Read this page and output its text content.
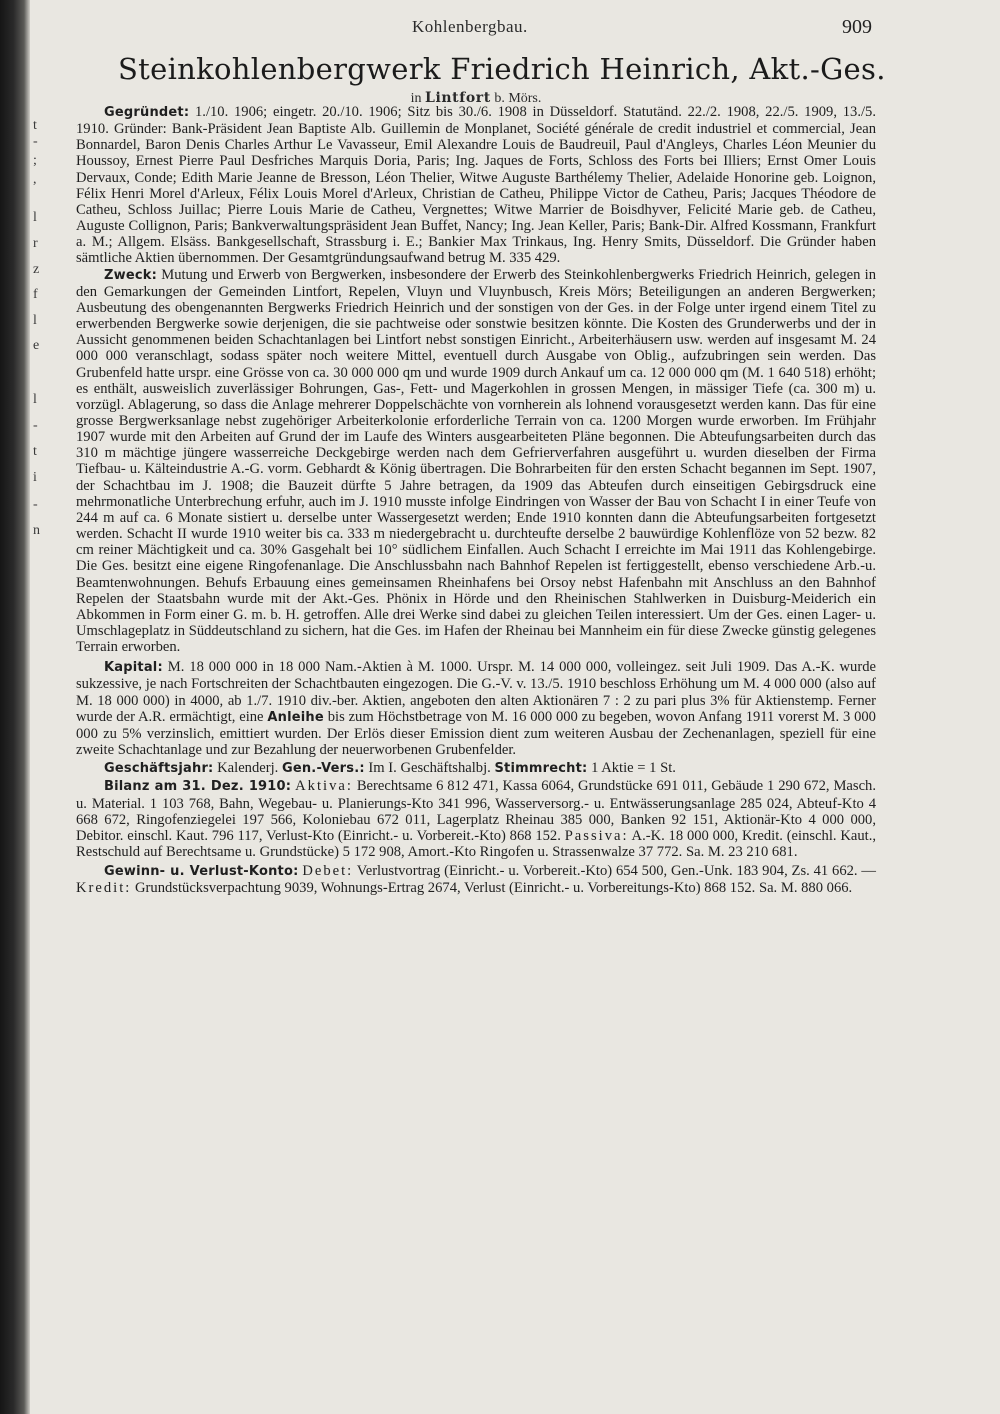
t
-
;
,
l
r
z
f
l
e
l
-
t
i
-
n
Kohlenbergbau.	909
Steinkohlenbergwerk Friedrich Heinrich, Akt.-Ges.
in Lintfort b. Mörs.

Gegründet: 1./10. 1906; eingetr. 20./10. 1906; Sitz bis 30./6. 1908 in Düsseldorf. Statutänd. 22./2. 1908, 22./5. 1909, 13./5. 1910. Gründer: Bank-Präsident Jean Baptiste Alb. Guillemin de Monplanet, Société générale de credit industriel et commercial, Jean Bonnardel, Baron Denis Charles Arthur Le Vavasseur, Emil Alexandre Louis de Baudreuil, Paul d'Angleys, Charles Léon Meunier du Houssoy, Ernest Pierre Paul Desfriches Marquis Doria, Paris; Ing. Jaques de Forts, Schloss des Forts bei Illiers; Ernst Omer Louis Dervaux, Conde; Edith Marie Jeanne de Bresson, Léon Thelier, Witwe Auguste Barthélemy Thelier, Adelaide Honorine geb. Loignon, Félix Henri Morel d'Arleux, Félix Louis Morel d'Arleux, Christian de Catheu, Philippe Victor de Catheu, Paris; Jacques Théodore de Catheu, Schloss Juillac; Pierre Louis Marie de Catheu, Vergnettes; Witwe Marrier de Boisdhyver, Felicité Marie geb. de Catheu, Auguste Collignon, Paris; Bankverwaltungspräsident Jean Buffet, Nancy; Ing. Jean Keller, Paris; Bank-Dir. Alfred Kossmann, Frankfurt a. M.; Allgem. Elsäss. Bankgesellschaft, Strassburg i. E.; Bankier Max Trinkaus, Ing. Henry Smits, Düsseldorf. Die Gründer haben sämtliche Aktien übernommen. Der Gesamtgründungsaufwand betrug M. 335 429.

Zweck: Mutung und Erwerb von Bergwerken, insbesondere der Erwerb des Steinkohlenbergwerks Friedrich Heinrich, gelegen in den Gemarkungen der Gemeinden Lintfort, Repelen, Vluyn und Vluynbusch, Kreis Mörs; Beteiligungen an anderen Bergwerken; Ausbeutung des obengenannten Bergwerks Friedrich Heinrich und der sonstigen von der Ges. in der Folge unter irgend einem Titel zu erwerbenden Bergwerke sowie derjenigen, die sie pachtweise oder sonstwie besitzen könnte. Die Kosten des Grunderwerbs und der in Aussicht genommenen beiden Schachtanlagen bei Lintfort nebst sonstigen Einricht., Arbeiterhäusern usw. werden auf insgesamt M. 24 000 000 veranschlagt, sodass später noch weitere Mittel, eventuell durch Ausgabe von Oblig., aufzubringen sein werden. Das Grubenfeld hatte urspr. eine Grösse von ca. 30 000 000 qm und wurde 1909 durch Ankauf um ca. 12 000 000 qm (M. 1 640 518) erhöht; es enthält, ausweislich zuverlässiger Bohrungen, Gas-, Fett- und Magerkohlen in grossen Mengen, in mässiger Tiefe (ca. 300 m) u. vorzügl. Ablagerung, so dass die Anlage mehrerer Doppelschächte von vornherein als lohnend vorausgesetzt werden kann. Das für eine grosse Bergwerksanlage nebst zugehöriger Arbeiterkolonie erforderliche Terrain von ca. 1200 Morgen wurde erworben. Im Frühjahr 1907 wurde mit den Arbeiten auf Grund der im Laufe des Winters ausgearbeiteten Pläne begonnen. Die Abteufungsarbeiten durch das 310 m mächtige jüngere wasserreiche Deckgebirge werden nach dem Gefrierverfahren ausgeführt u. wurden dieselben der Firma Tiefbau- u. Kälteindustrie A.-G. vorm. Gebhardt & König übertragen. Die Bohrarbeiten für den ersten Schacht begannen im Sept. 1907, der Schachtbau im J. 1908; die Bauzeit dürfte 5 Jahre betragen, da 1909 das Abteufen durch einseitigen Gebirgsdruck eine mehrmonatliche Unterbrechung erfuhr, auch im J. 1910 musste infolge Eindringen von Wasser der Bau von Schacht I in einer Teufe von 244 m auf ca. 6 Monate sistiert u. derselbe unter Wassergesetzt werden; Ende 1910 konnten dann die Abteufungsarbeiten fortgesetzt werden. Schacht II wurde 1910 weiter bis ca. 333 m niedergebracht u. durchteufte derselbe 2 bauwürdige Kohlenflöze von 52 bezw. 82 cm reiner Mächtigkeit und ca. 30% Gasgehalt bei 10° südlichem Einfallen. Auch Schacht I erreichte im Mai 1911 das Kohlengebirge. Die Ges. besitzt eine eigene Ringofenanlage. Die Anschlussbahn nach Bahnhof Repelen ist fertiggestellt, ebenso verschiedene Arb.-u. Beamtenwohnungen. Behufs Erbauung eines gemeinsamen Rheinhafens bei Orsoy nebst Hafenbahn mit Anschluss an den Bahnhof Repelen der Staatsbahn wurde mit der Akt.-Ges. Phönix in Hörde und den Rheinischen Stahlwerken in Duisburg-Meiderich ein Abkommen in Form einer G. m. b. H. getroffen. Alle drei Werke sind dabei zu gleichen Teilen interessiert. Um der Ges. einen Lager- u. Umschlageplatz in Süddeutschland zu sichern, hat die Ges. im Hafen der Rheinau bei Mannheim ein für diese Zwecke günstig gelegenes Terrain erworben.

Kapital: M. 18 000 000 in 18 000 Nam.-Aktien à M. 1000. Urspr. M. 14 000 000, volleingez. seit Juli 1909. Das A.-K. wurde sukzessive, je nach Fortschreiten der Schachtbauten eingezogen. Die G.-V. v. 13./5. 1910 beschloss Erhöhung um M. 4 000 000 (also auf M. 18 000 000) in 4000, ab 1./7. 1910 div.-ber. Aktien, angeboten den alten Aktionären 7 : 2 zu pari plus 3% für Aktienstemp. Ferner wurde der A.R. ermächtigt, eine Anleihe bis zum Höchstbetrage von M. 16 000 000 zu begeben, wovon Anfang 1911 vorerst M. 3 000 000 zu 5% verzinslich, emittiert wurden. Der Erlös dieser Emission dient zum weiteren Ausbau der Zechenanlagen, speziell für eine zweite Schachtanlage und zur Bezahlung der neuerworbenen Grubenfelder.

Geschäftsjahr: Kalenderj. Gen.-Vers.: Im I. Geschäftshalbj. Stimmrecht: 1 Aktie = 1 St.

Bilanz am 31. Dez. 1910: Aktiva: Berechtsame 6 812 471, Kassa 6064, Grundstücke 691 011, Gebäude 1 290 672, Masch. u. Material. 1 103 768, Bahn, Wegebau- u. Planierungs-Kto 341 996, Wasserversorg.- u. Entwässerungsanlage 285 024, Abteuf-Kto 4 668 672, Ringofenziegelei 197 566, Koloniebau 672 011, Lagerplatz Rheinau 385 000, Banken 92 151, Aktionär-Kto 4 000 000, Debitor. einschl. Kaut. 796 117, Verlust-Kto (Einricht.- u. Vorbereit.-Kto) 868 152. Passiva: A.-K. 18 000 000, Kredit. (einschl. Kaut., Restschuld auf Berechtsame u. Grundstücke) 5 172 908, Amort.-Kto Ringofen u. Strassenwalze 37 772. Sa. M. 23 210 681.

Gewinn- u. Verlust-Konto: Debet: Verlustvortrag (Einricht.- u. Vorbereit.-Kto) 654 500, Gen.-Unk. 183 904, Zs. 41 662. — Kredit: Grundstücksverpachtung 9039, Wohnungs-Ertrag 2674, Verlust (Einricht.- u. Vorbereitungs-Kto) 868 152. Sa. M. 880 066.
